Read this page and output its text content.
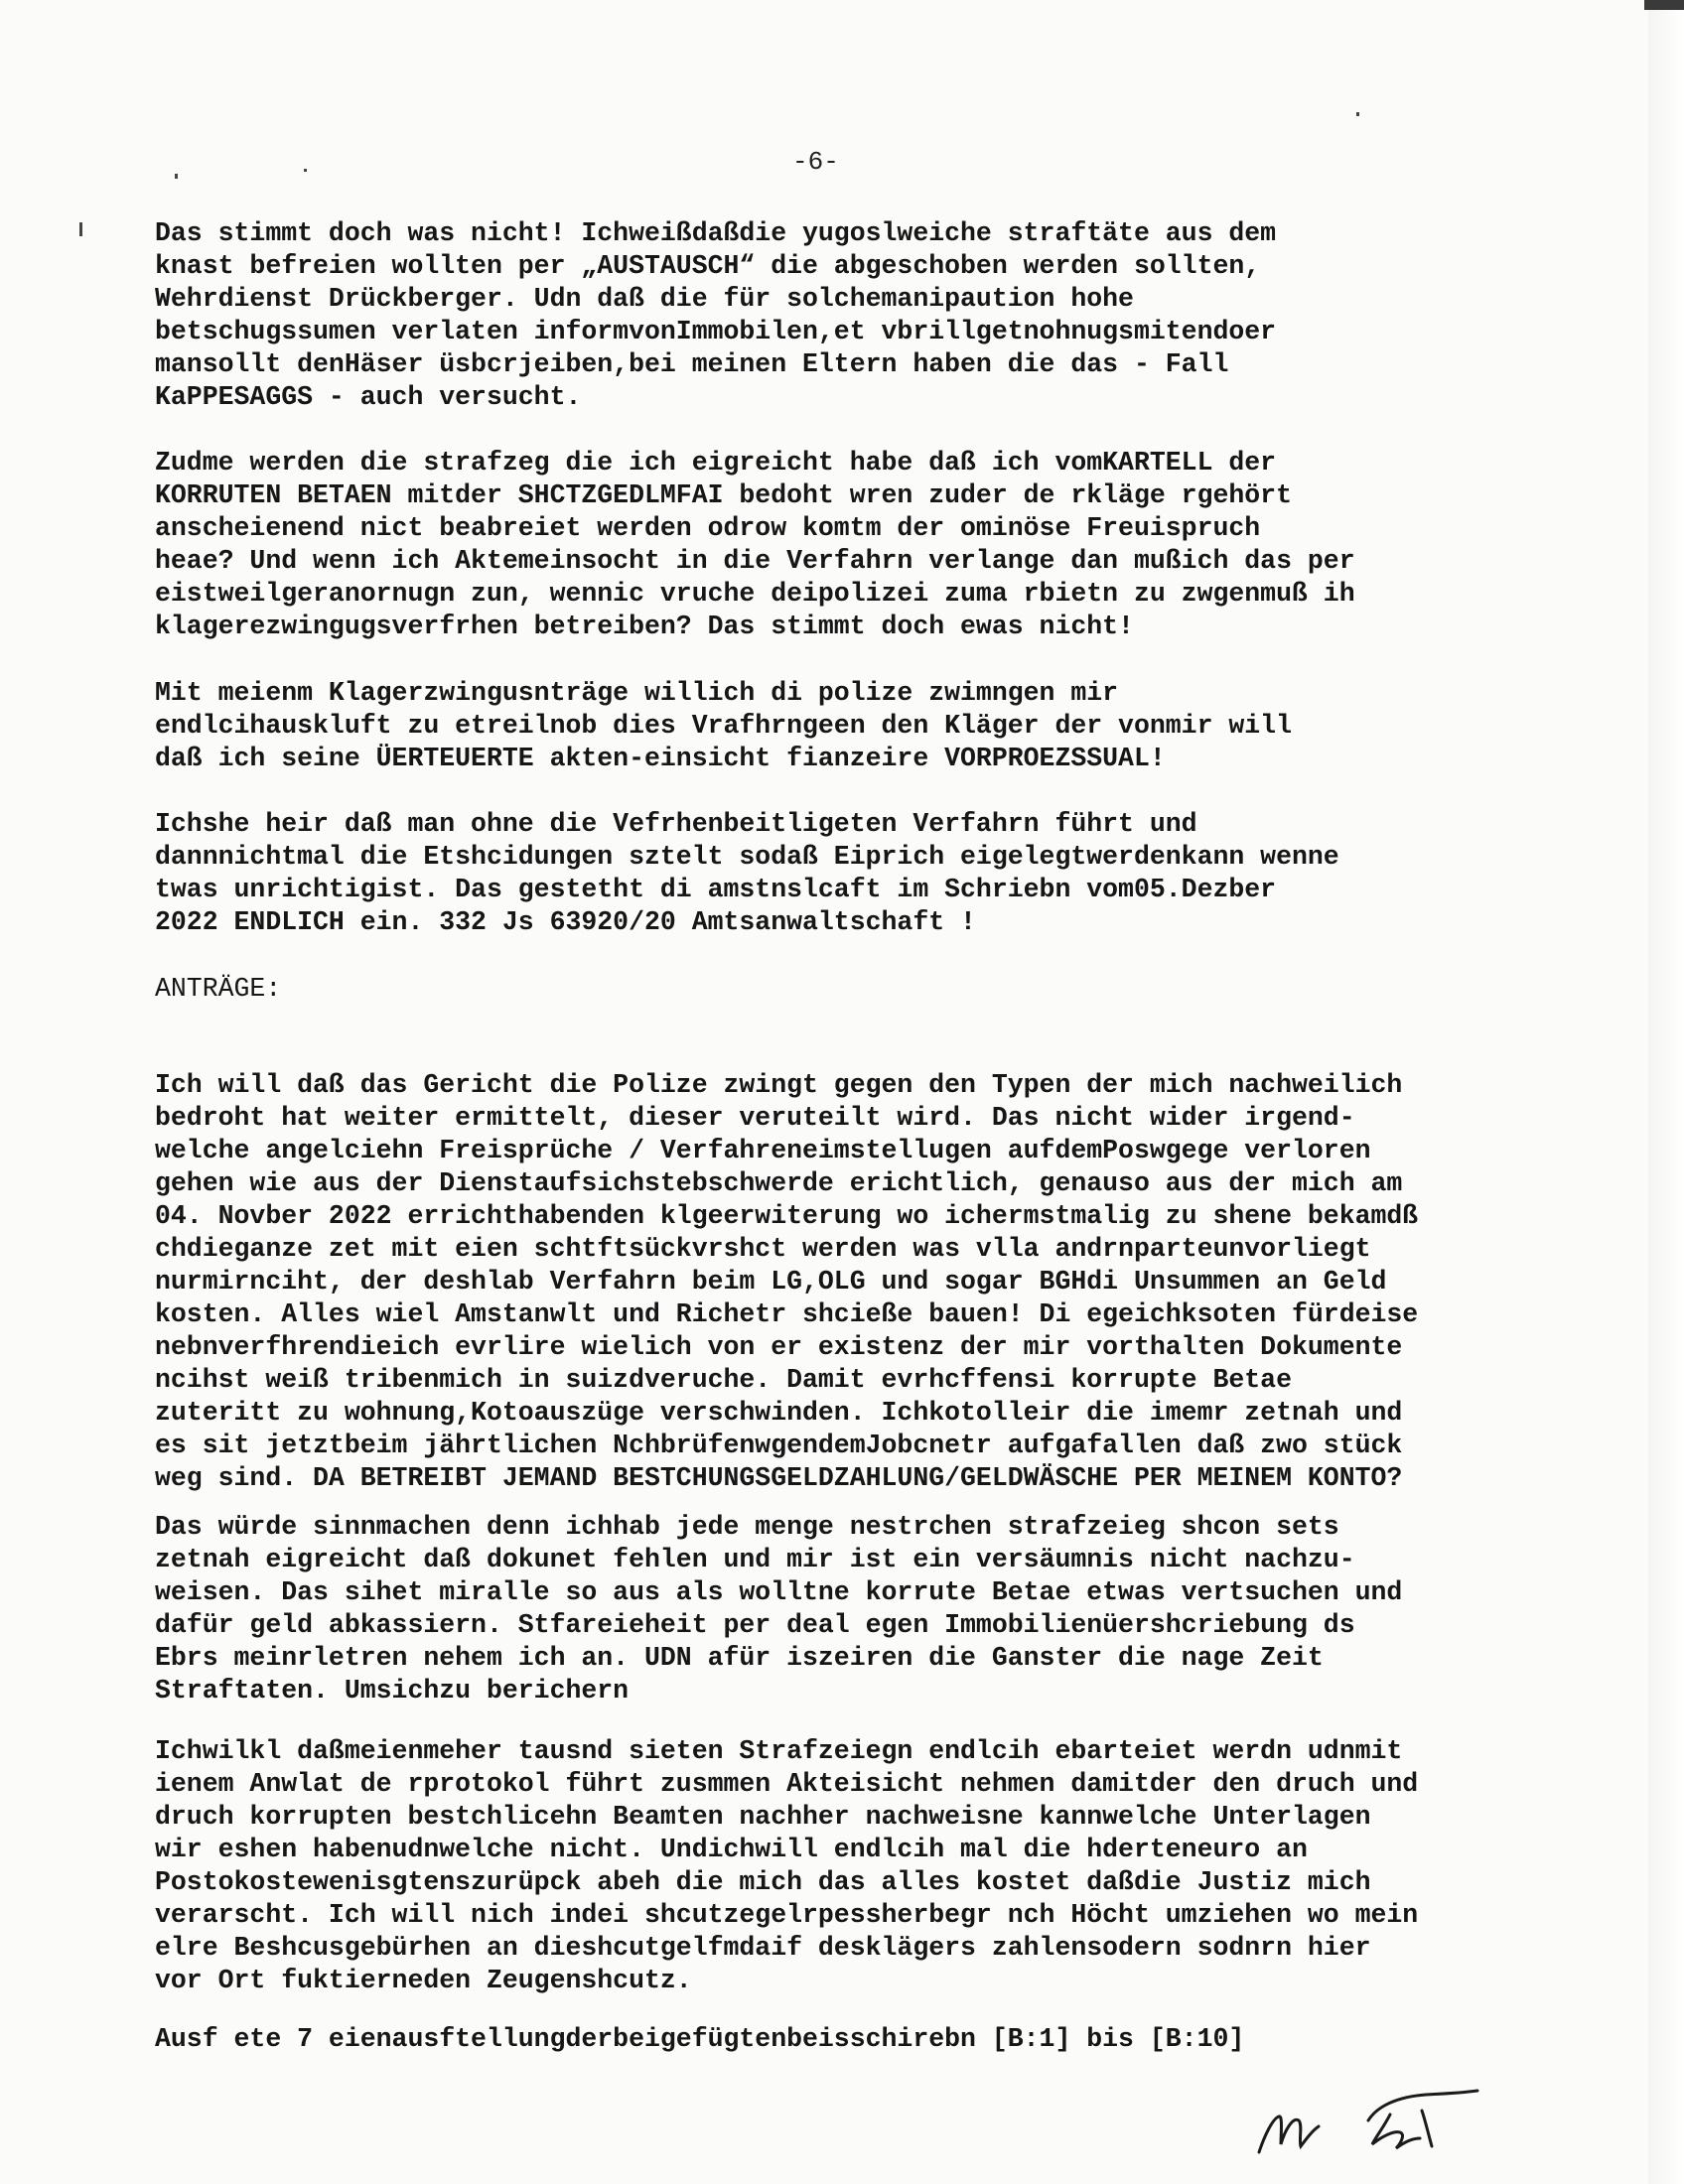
-6-
Das stimmt doch was nicht! Ichweißdaßdie yugoslweiche straftäte aus dem
knast befreien wollten per „AUSTAUSCH“ die abgeschoben werden sollten,
Wehrdienst Drückberger. Udn daß die für solchemanipaution hohe
betschugssumen verlaten informvonImmobilen,et vbrillgetnohnugsmitendoer
mansollt denHäser üsbcrjeiben,bei meinen Eltern haben die das - Fall
KaPPESAGGS - auch versucht.
Zudme werden die strafzeg die ich eigreicht habe daß ich vomKARTELL der
KORRUTEN BETAEN mitder SHCTZGEDLMFAI bedoht wren zuder de rkläge rgehört
anscheienend nict beabreiet werden odrow komtm der ominöse Freuispruch
heae? Und wenn ich Aktemeinsocht in die Verfahrn verlange dan mußich das per
eistweilgeranornugn zun, wennic vruche deipolizei zuma rbietn zu zwgenmuß ih
klagerezwingugsverfrhen betreiben? Das stimmt doch ewas nicht!
Mit meienm Klagerzwingusnträge willich di polize zwimngen mir
endlcihauskluft zu etreilnob dies Vrafhrngeen den Kläger der vonmir will
daß ich seine ÜERTEUERTE akten-einsicht fianzeire VORPROEZSSUAL!
Ichshe heir daß man ohne die Vefrhenbeitligeten Verfahrn führt und
dannnichtmal die Etshcidungen sztelt sodaß Eiprich eigelegtwerdenkann wenne
twas unrichtigist. Das gestetht di amstnslcaft im Schriebn vom05.Dezber
2022 ENDLICH ein. 332 Js 63920/20 Amtsanwaltschaft !
ANTRÄGE:
Ich will daß das Gericht die Polize zwingt gegen den Typen der mich nachweilich
bedroht hat weiter ermittelt, dieser veruteilt wird. Das nicht wider irgend-
welche angelciehn Freisprüche / Verfahreneimstellugen aufdemPoswgege verloren
gehen wie aus der Dienstaufsichstebschwerde erichtlich, genauso aus der mich am
04. Novber 2022 errichthabenden klgeerwiterung wo ichermstmalig zu shene bekamdß
chdieganze zet mit eien schtftsückvrshct werden was vlla andrnparteunvorliegt
nurmirnciht, der deshlab Verfahrn beim LG,OLG und sogar BGHdi Unsummen an Geld
kosten. Alles wiel Amstanwlt und Richetr shcieße bauen! Di egeichksoten fürdeise
nebnverfhrendieich evrlire wielich von er existenz der mir vorthalten Dokumente
ncihst weiß tribenmich in suizdveruche. Damit evrhcffensi korrupte Betae
zuteritt zu wohnung,Kotoauszüge verschwinden. Ichkotolleir die imemr zetnah und
es sit jetztbeim jährtlichen NchbrüfenwgendemJobcnetr aufgafallen daß zwo stück
weg sind. DA BETREIBT JEMAND BESTCHUNGSGELDZAHLUNG/GELDWÄSCHE PER MEINEM KONTO?
Das würde sinnmachen denn ichhab jede menge nestrchen strafzeieg shcon sets
zetnah eigreicht daß dokunet fehlen und mir ist ein versäumnis nicht nachzu-
weisen. Das sihet miralle so aus als wolltne korrute Betae etwas vertsuchen und
dafür geld abkassiern. Stfareieheit per deal egen Immobilienüershcriebung ds
Ebrs meinrletren nehem ich an. UDN afür iszeiren die Ganster die nage Zeit
Straftaten. Umsichzu berichern
Ichwilkl daßmeienmeher tausnd sieten Strafzeiegn endlcih ebarteiet werdn udnmit
ienem Anwlat de rprotokol führt zusmmen Akteisicht nehmen damitder den druch und
druch korrupten bestchlicehn Beamten nachher nachweisne kannwelche Unterlagen
wir eshen habenudnwelche nicht. Undichwill endlcih mal die hderteneuro an
Postokostewenisgtenszurüpck abeh die mich das alles kostet daßdie Justiz mich
verarscht. Ich will nich indei shcutzegelrpessherbegr nch Höcht umziehen wo mein
elre Beshcusgebürhen an dieshcutgelfmdaif desklägers zahlensodern sodnrn hier
vor Ort fuktierneden Zeugenshcutz.
Ausf ete 7 eienausftellungderbeigefügtenbeisschirebn [B:1] bis [B:10]
